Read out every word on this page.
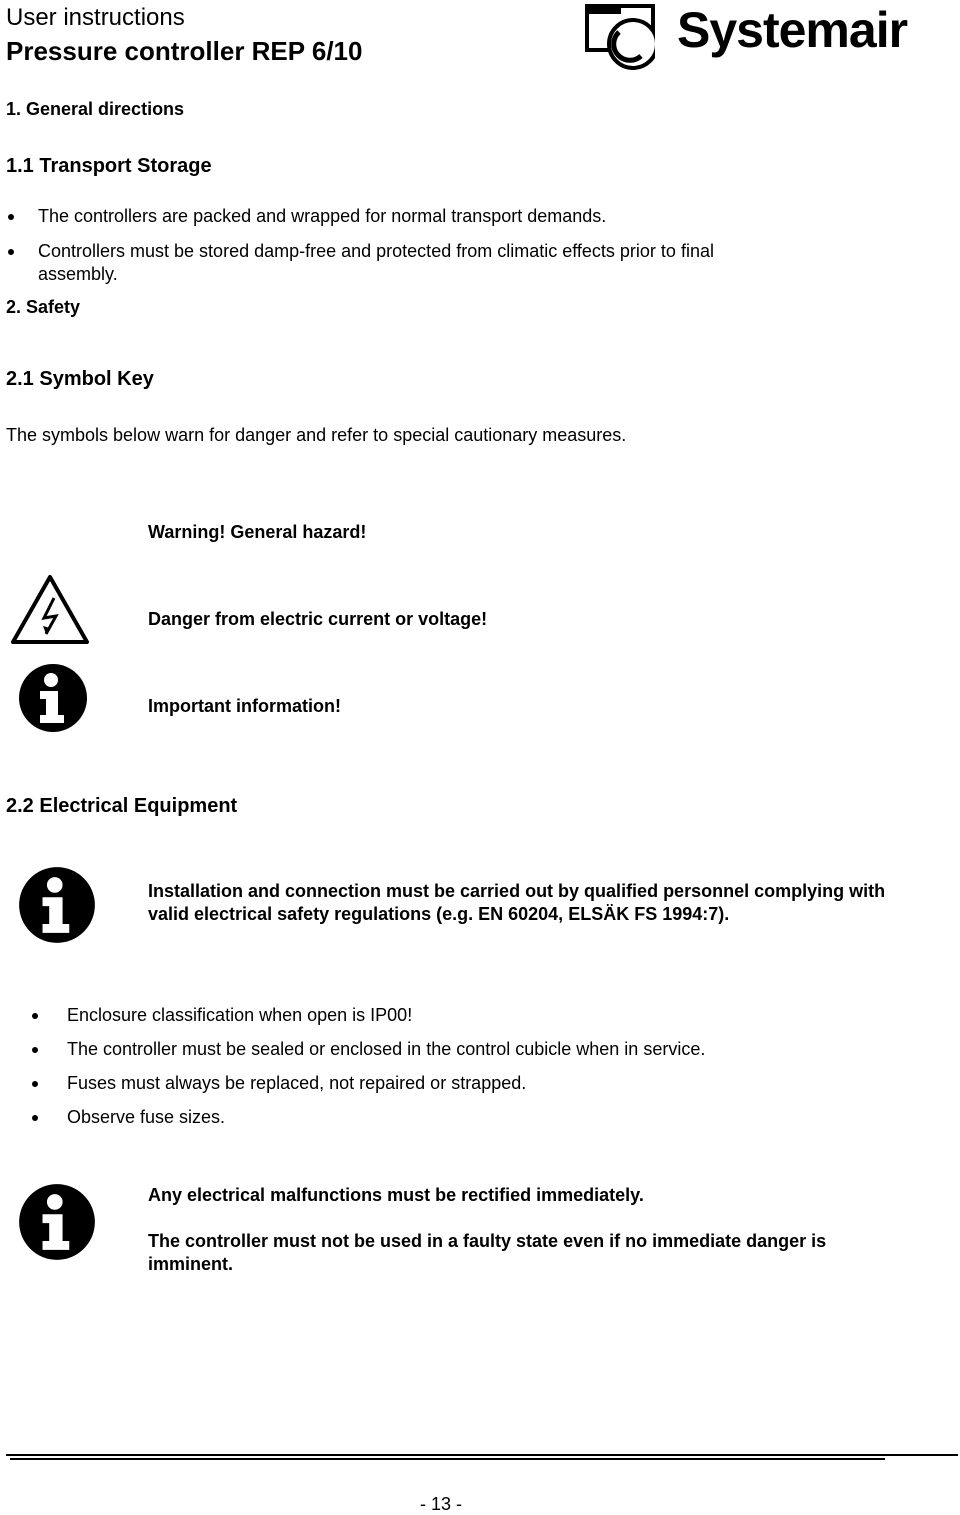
User instructions
Pressure controller REP 6/10	Systemair
1. General directions
1.1 Transport Storage
The controllers are packed and wrapped for normal transport demands.
Controllers must be stored damp-free and protected from climatic effects prior to final
assembly.
2. Safety
2.1 Symbol Key
The symbols below warn for danger and refer to special cautionary measures.
Warning! General hazard!
Danger from electric current or voltage!
Important information!
2.2 Electrical Equipment
Installation and connection must be carried out by qualified personnel complying with
valid electrical safety regulations (e.g. EN 60204, ELSÄK FS 1994:7).
Enclosure classification when open is IP00!
The controller must be sealed or enclosed in the control cubicle when in service.
Fuses must always be replaced, not repaired or strapped.
Observe fuse sizes.
Any electrical malfunctions must be rectified immediately.
The controller must not be used in a faulty state even if no immediate danger is
imminent.
- 13 -
